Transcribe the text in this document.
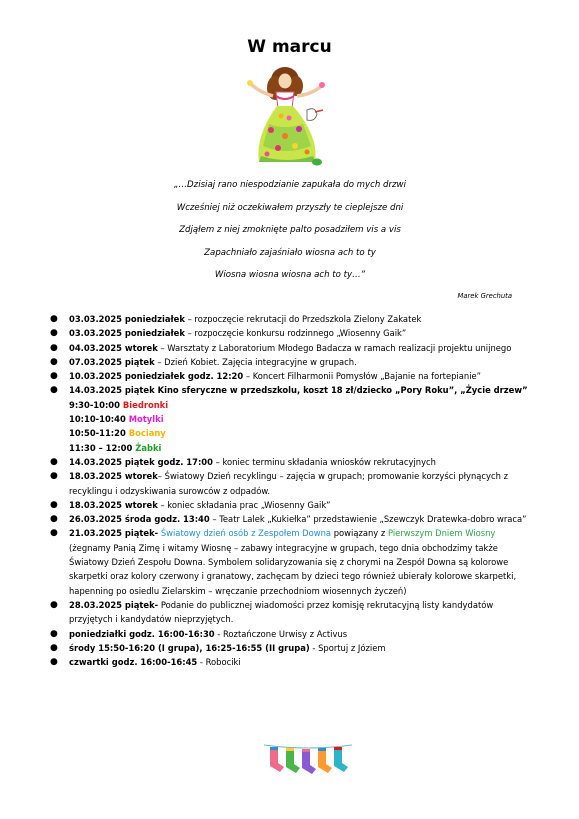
W marcu
„…Dzisiaj rano niespodzianie zapukała do mych drzwi
Wcześniej niż oczekiwałem przyszły te cieplejsze dni
Zdjąłem z niej zmoknięte palto posadziłem vis a vis
Zapachniało zajaśniało wiosna ach to ty
Wiosna wiosna wiosna ach to ty…”
Marek Grechuta
● 03.03.2025 poniedziałek – rozpoczęcie rekrutacji do Przedszkola Zielony Zakatek
● 03.03.2025 poniedziałek – rozpoczęcie konkursu rodzinnego „Wiosenny Gaik”
● 04.03.2025 wtorek – Warsztaty z Laboratorium Młodego Badacza w ramach realizacji projektu unijnego
● 07.03.2025 piątek – Dzień Kobiet. Zajęcia integracyjne w grupach.
● 10.03.2025 poniedziałek godz. 12:20 – Koncert Filharmonii Pomysłów „Bajanie na fortepianie”
● 14.03.2025 piątek Kino sferyczne w przedszkolu, koszt 18 zł/dziecko „Pory Roku”, „Życie drzew”
9:30-10:00 Biedronki
10:10-10:40 Motylki
10:50-11:20 Bociany
11:30 – 12:00 Żabki
● 14.03.2025 piątek godz. 17:00 – koniec terminu składania wniosków rekrutacyjnych
● 18.03.2025 wtorek– Światowy Dzień recyklingu – zajęcia w grupach; promowanie korzyści płynących z recyklingu i odzyskiwania surowców z odpadów.
● 18.03.2025 wtorek – koniec składania prac „Wiosenny Gaik”
● 26.03.2025 środa godz. 13:40 – Teatr Lalek „Kukiełka” przedstawienie „Szewczyk Dratewka-dobro wraca”
● 21.03.2025 piątek- Światowy dzień osób z Zespołem Downa powiązany z Pierwszym Dniem Wiosny (żegnamy Panią Zimę i witamy Wiosnę – zabawy integracyjne w grupach, tego dnia obchodzimy także Światowy Dzień Zespołu Downa. Symbolem solidaryzowania się z chorymi na Zespół Downa są kolorowe skarpetki oraz kolory czerwony i granatowy, zachęcam by dzieci tego również ubierały kolorowe skarpetki, hapenning po osiedlu Zielarskim – wręczanie przechodniom wiosennych życzeń)
● 28.03.2025 piątek- Podanie do publicznej wiadomości przez komisję rekrutacyjną listy kandydatów przyjętych i kandydatów nieprzyjętych.
● poniedziałki godz. 16:00-16:30 - Roztańczone Urwisy z Activus
● środy 15:50-16:20 (I grupa), 16:25-16:55 (II grupa) - Sportuj z Józiem
● czwartki godz. 16:00-16:45 - Robociki
